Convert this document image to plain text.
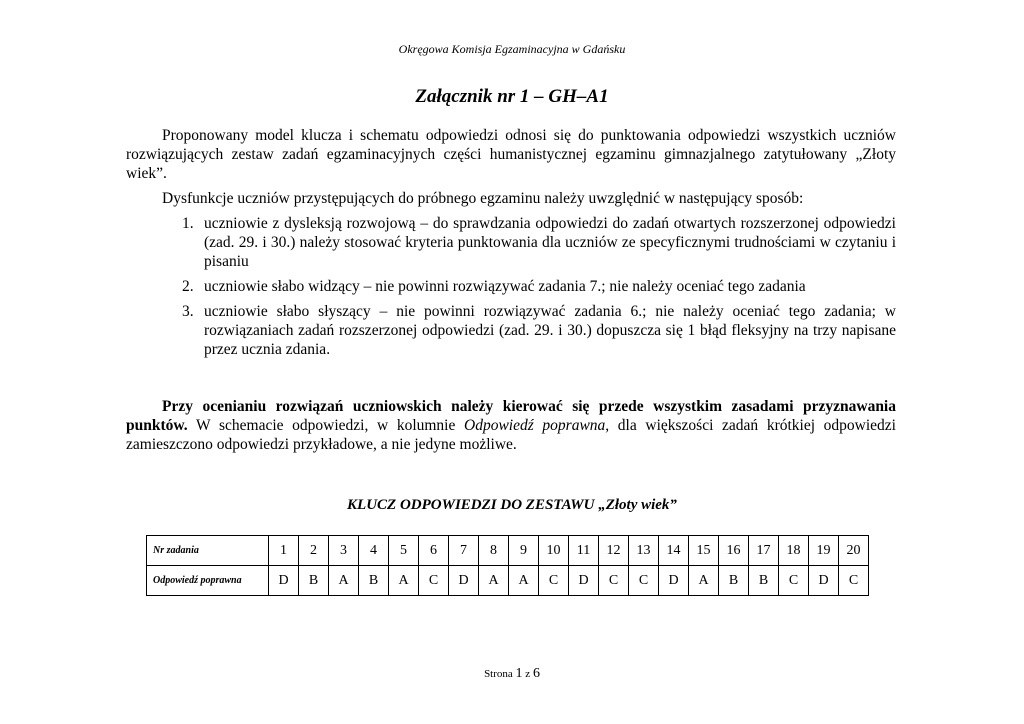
Okręgowa Komisja Egzaminacyjna w Gdańsku
Załącznik nr 1 – GH–A1
Proponowany model klucza i schematu odpowiedzi odnosi się do punktowania odpowiedzi wszystkich uczniów rozwiązujących zestaw zadań egzaminacyjnych części humanistycznej egzaminu gimnazjalnego zatytułowany „Złoty wiek”.
Dysfunkcje uczniów przystępujących do próbnego egzaminu należy uwzględnić w następujący sposób:
1. uczniowie z dysleksją rozwojową – do sprawdzania odpowiedzi do zadań otwartych rozszerzonej odpowiedzi (zad. 29. i 30.) należy stosować kryteria punktowania dla uczniów ze specyficznymi trudnościami w czytaniu i pisaniu
2. uczniowie słabo widzący – nie powinni rozwiązywać zadania 7.; nie należy oceniać tego zadania
3. uczniowie słabo słyszący – nie powinni rozwiązywać zadania 6.; nie należy oceniać tego zadania; w rozwiązaniach zadań rozszerzonej odpowiedzi (zad. 29. i 30.) dopuszcza się 1 błąd fleksyjny na trzy napisane przez ucznia zdania.
Przy ocenianiu rozwiązań uczniowskich należy kierować się przede wszystkim zasadami przyznawania punktów. W schemacie odpowiedzi, w kolumnie Odpowiedź poprawna, dla większości zadań krótkiej odpowiedzi zamieszczono odpowiedzi przykładowe, a nie jedyne możliwe.
KLUCZ ODPOWIEDZI DO ZESTAWU „Złoty wiek”
Nr zadania	1	2	3	4	5	6	7	8	9	10	11	12	13	14	15	16	17	18	19	20
Odpowiedź poprawna	D	B	A	B	A	C	D	A	A	C	D	C	C	D	A	B	B	C	D	C
Strona 1 z 6
